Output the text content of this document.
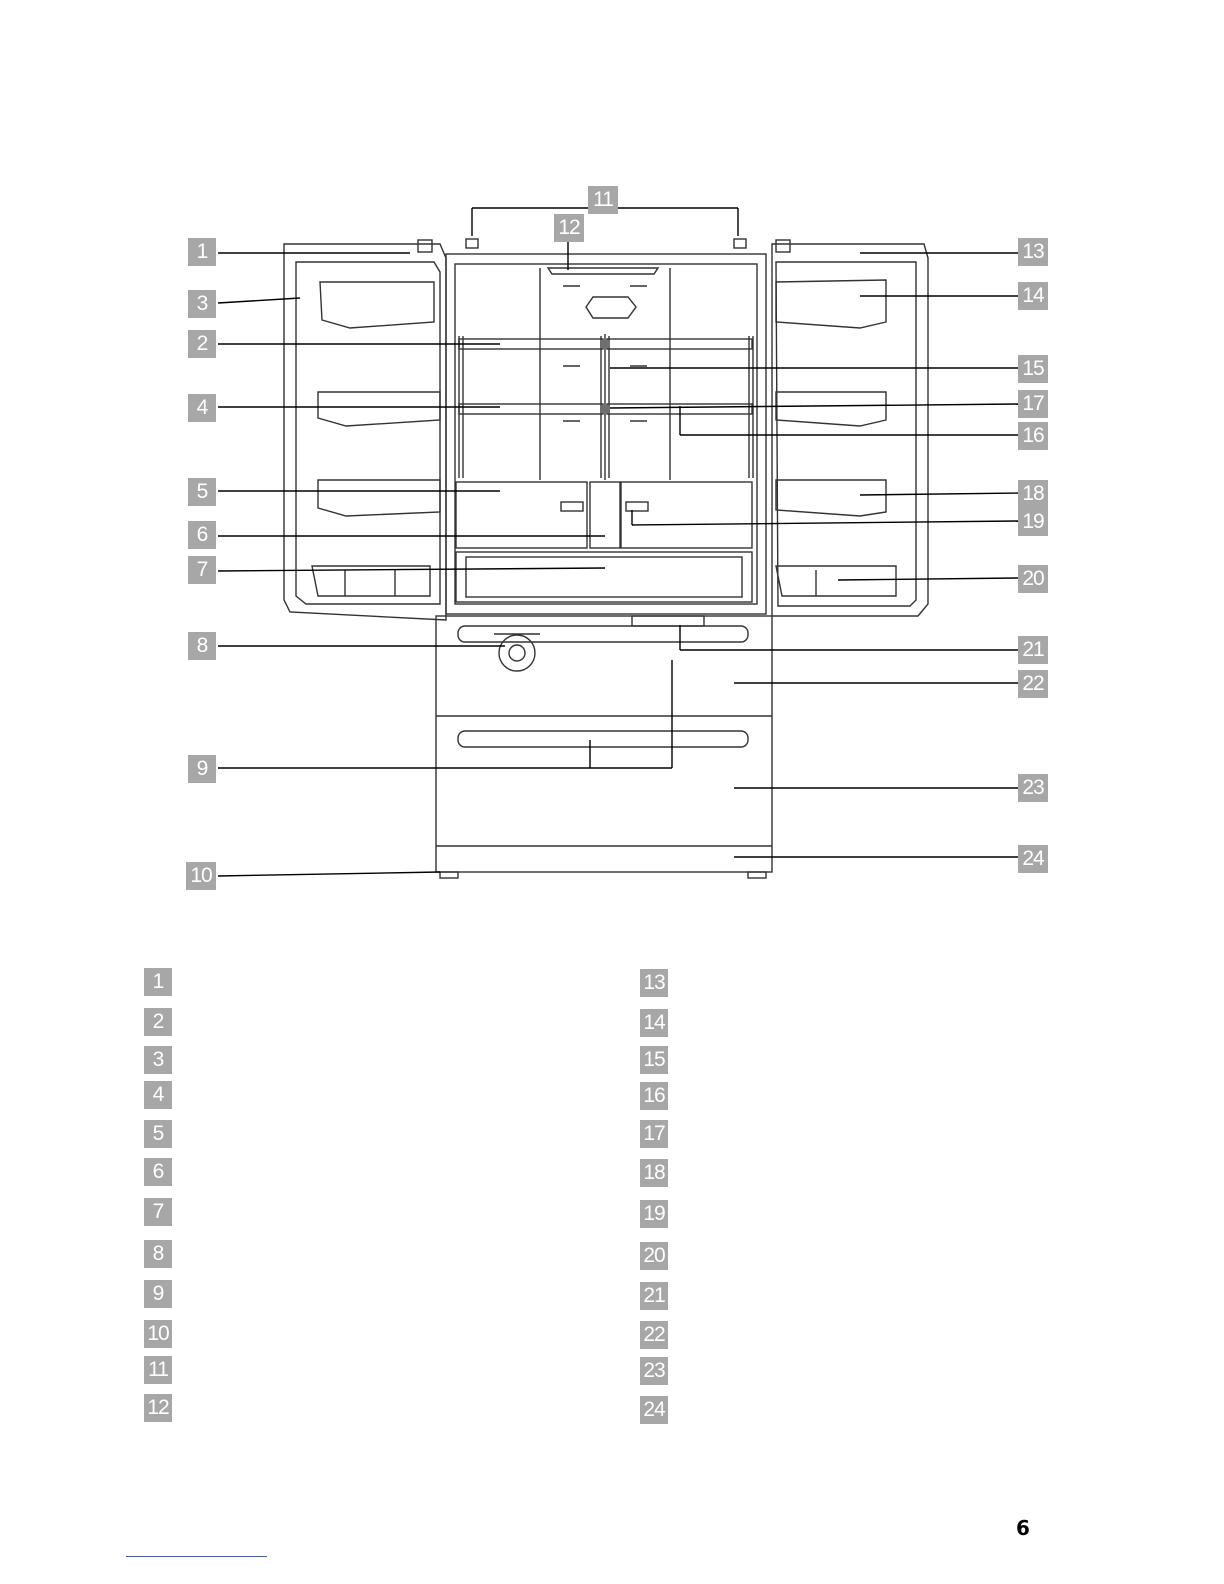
1
3
2
4
5
6
7
8
9
10
11
12
13
14
15
17
16
18
19
20
21
22
23
24
1
2
3
4
5
6
7
8
9
10
11
12
13
14
15
16
17
18
19
20
21
22
23
24
6
